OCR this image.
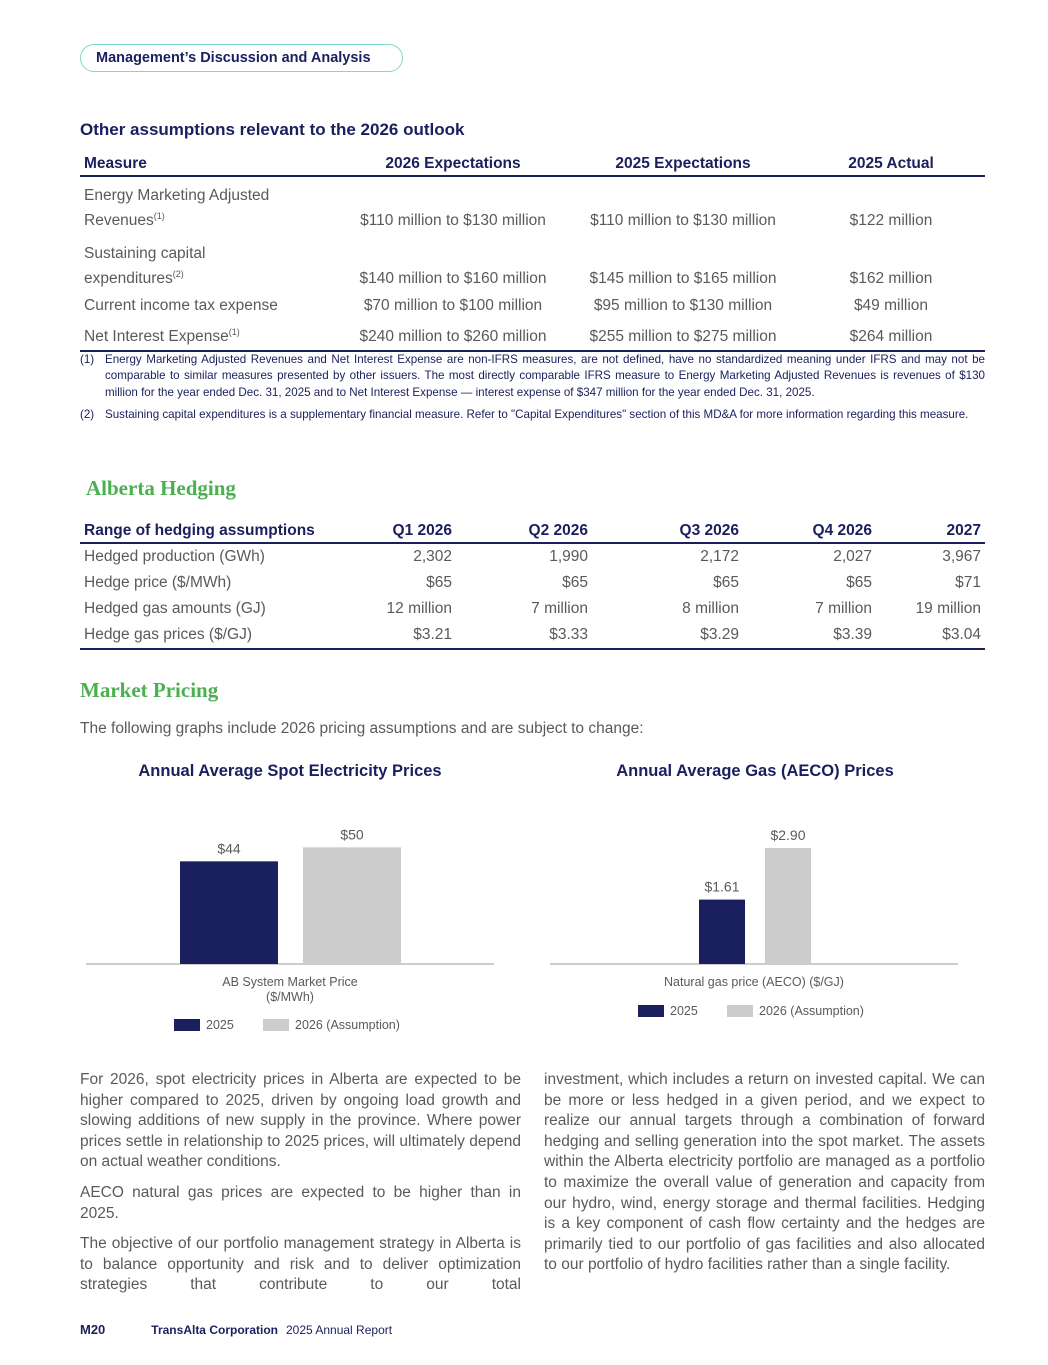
Management’s Discussion and Analysis
Other assumptions relevant to the 2026 outlook
Measure	2026 Expectations	2025 Expectations	2025 Actual
Energy Marketing Adjusted
Revenues$^{(1)}$	$110 million to $130 million	$110 million to $130 million	$122 million
Sustaining capital
expenditures$^{(2)}$	$140 million to $160 million	$145 million to $165 million	$162 million
Current income tax expense	$70 million to $100 million	$95 million to $130 million	$49 million
Net Interest Expense$^{(1)}$	$240 million to $260 million	$255 million to $275 million	$264 million
(1) Energy Marketing Adjusted Revenues and Net Interest Expense are non-IFRS measures, are not defined, have no standardized meaning under IFRS and may not be comparable to similar measures presented by other issuers. The most directly comparable IFRS measure to Energy Marketing Adjusted Revenues is revenues of $130 million for the year ended Dec. 31, 2025 and to Net Interest Expense — interest expense of $347 million for the year ended Dec. 31, 2025.
(2) Sustaining capital expenditures is a supplementary financial measure. Refer to "Capital Expenditures" section of this MD&A for more information regarding this measure.
Alberta Hedging
Range of hedging assumptions	Q1 2026	Q2 2026	Q3 2026	Q4 2026	2027
Hedged production (GWh)	2,302	1,990	2,172	2,027	3,967
Hedge price ($/MWh)	$65	$65	$65	$65	$71
Hedged gas amounts (GJ)	12 million	7 million	8 million	7 million	19 million
Hedge gas prices ($/GJ)	$3.21	$3.33	$3.29	$3.39	$3.04
Market Pricing
The following graphs include 2026 pricing assumptions and are subject to change:
Annual Average Spot Electricity Prices	Annual Average Gas (AECO) Prices
$44
$50
AB System Market Price
($/MWh)
2025	2026 (Assumption)
$1.61
$2.90
Natural gas price (AECO) ($/GJ)
2025	2026 (Assumption)

For 2026, spot electricity prices in Alberta are expected to be higher compared to 2025, driven by ongoing load growth and slowing additions of new supply in the province. Where power prices settle in relationship to 2025 prices, will ultimately depend on actual weather conditions.

AECO natural gas prices are expected to be higher than in 2025.

The objective of our portfolio management strategy in Alberta is to balance opportunity and risk and to deliver optimization strategies that contribute to our total

investment, which includes a return on invested capital. We can be more or less hedged in a given period, and we expect to realize our annual targets through a combination of forward hedging and selling generation into the spot market. The assets within the Alberta electricity portfolio are managed as a portfolio to maximize the overall value of generation and capacity from our hydro, wind, energy storage and thermal facilities. Hedging is a key component of cash flow certainty and the hedges are primarily tied to our portfolio of gas facilities and also allocated to our portfolio of hydro facilities rather than a single facility.

M20	TransAlta Corporation 2025 Annual Report
